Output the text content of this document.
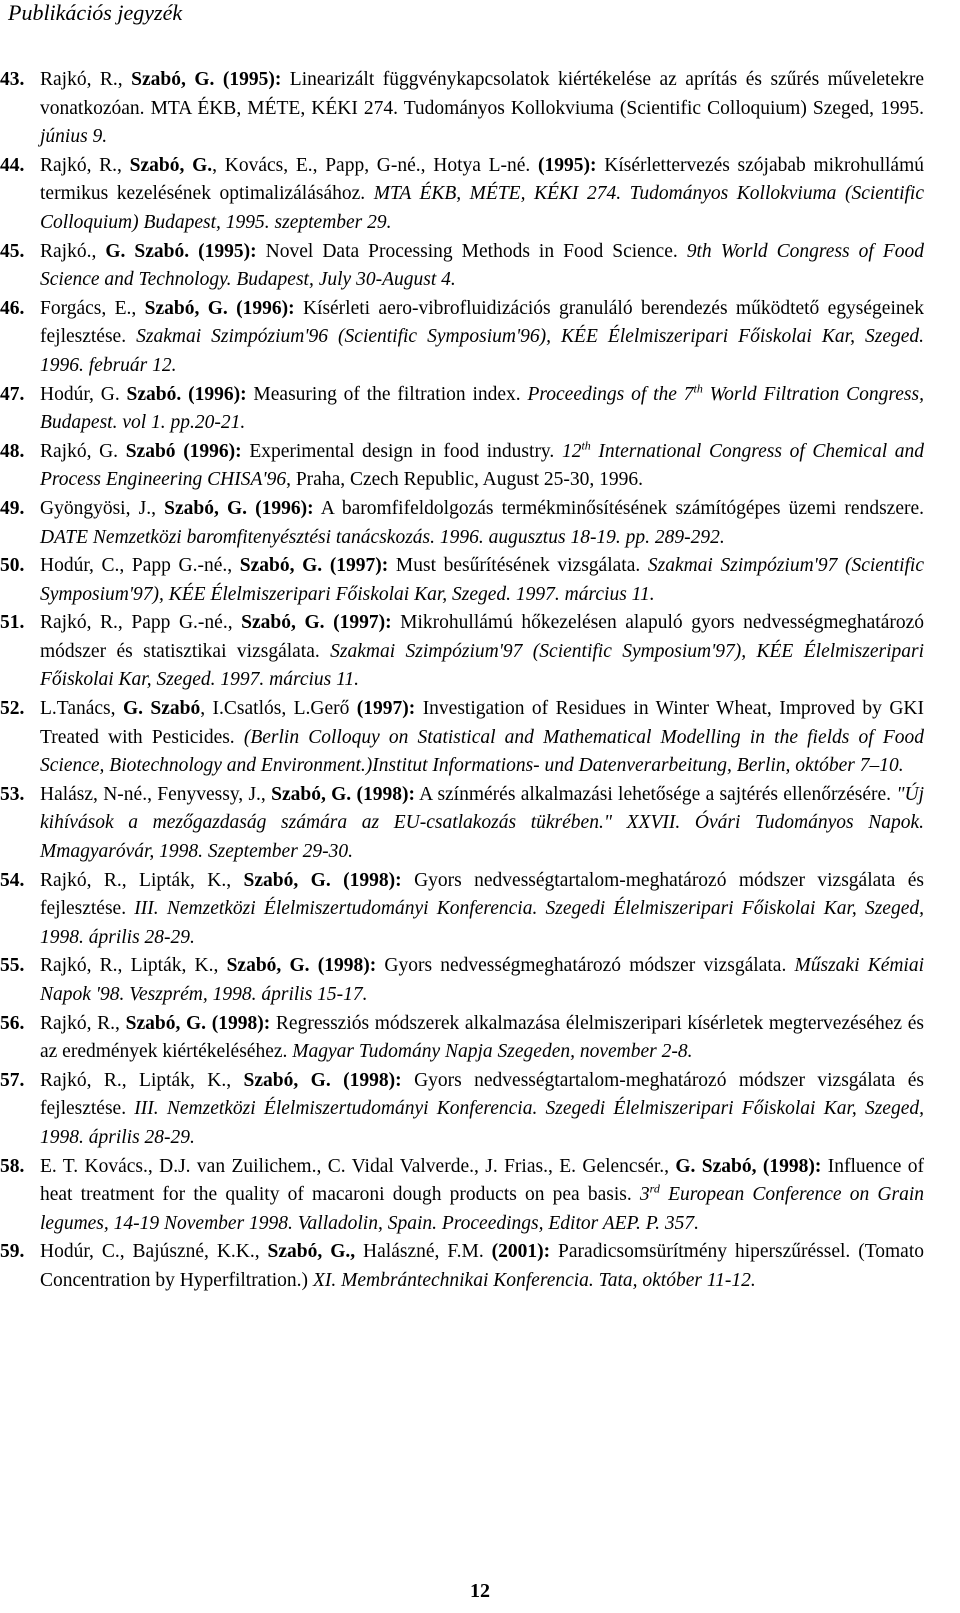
Publikációs jegyzék
43. Rajkó, R., Szabó, G. (1995): Linearizált függvénykapcsolatok kiértékelése az aprítás és szűrés műveletekre vonatkozóan. MTA ÉKB, MÉTE, KÉKI 274. Tudományos Kollokviuma (Scientific Colloquium) Szeged, 1995. június 9.
44. Rajkó, R., Szabó, G., Kovács, E., Papp, G-né., Hotya L-né. (1995): Kísérlettervezés szójabab mikrohullámú termikus kezelésének optimalizálásához. MTA ÉKB, MÉTE, KÉKI 274. Tudományos Kollokviuma (Scientific Colloquium) Budapest, 1995. szeptember 29.
45. Rajkó., G. Szabó. (1995): Novel Data Processing Methods in Food Science. 9th World Congress of Food Science and Technology. Budapest, July 30-August 4.
46. Forgács, E., Szabó, G. (1996): Kísérleti aero-vibrofluidizációs granuláló berendezés működtető egységeinek fejlesztése. Szakmai Szimpózium'96 (Scientific Symposium'96), KÉE Élelmiszeripari Főiskolai Kar, Szeged. 1996. február 12.
47. Hodúr, G. Szabó. (1996): Measuring of the filtration index. Proceedings of the 7th World Filtration Congress, Budapest. vol 1. pp.20-21.
48. Rajkó, G. Szabó (1996): Experimental design in food industry. 12th International Congress of Chemical and Process Engineering CHISA'96, Praha, Czech Republic, August 25-30, 1996.
49. Gyöngyösi, J., Szabó, G. (1996): A baromfifeldolgozás termékminősítésének számítógépes üzemi rendszere. DATE Nemzetközi baromfitenyésztési tanácskozás. 1996. augusztus 18-19. pp. 289-292.
50. Hodúr, C., Papp G.-né., Szabó, G. (1997): Must besűrítésének vizsgálata. Szakmai Szimpózium'97 (Scientific Symposium'97), KÉE Élelmiszeripari Főiskolai Kar, Szeged. 1997. március 11.
51. Rajkó, R., Papp G.-né., Szabó, G. (1997): Mikrohullámú hőkezelésen alapuló gyors nedvességmeghatározó módszer és statisztikai vizsgálata. Szakmai Szimpózium'97 (Scientific Symposium'97), KÉE Élelmiszeripari Főiskolai Kar, Szeged. 1997. március 11.
52. L.Tanács, G. Szabó, I.Csatlós, L.Gerő (1997): Investigation of Residues in Winter Wheat, Improved by GKI Treated with Pesticides. (Berlin Colloquy on Statistical and Mathematical Modelling in the fields of Food Science, Biotechnology and Environment.)Institut Informations- und Datenverarbeitung, Berlin, október 7–10.
53. Halász, N-né., Fenyvessy, J., Szabó, G. (1998): A színmérés alkalmazási lehetősége a sajtérés ellenőrzésére. "Új kihívások a mezőgazdaság számára az EU-csatlakozás tükrében." XXVII. Óvári Tudományos Napok. Mmagyaróvár, 1998. Szeptember 29-30.
54. Rajkó, R., Lipták, K., Szabó, G. (1998): Gyors nedvességtartalom-meghatározó módszer vizsgálata és fejlesztése. III. Nemzetközi Élelmiszertudományi Konferencia. Szegedi Élelmiszeripari Főiskolai Kar, Szeged, 1998. április 28-29.
55. Rajkó, R., Lipták, K., Szabó, G. (1998): Gyors nedvességmeghatározó módszer vizsgálata. Műszaki Kémiai Napok '98. Veszprém, 1998. április 15-17.
56. Rajkó, R., Szabó, G. (1998): Regressziós módszerek alkalmazása élelmiszeripari kísérletek megtervezéséhez és az eredmények kiértékeléséhez. Magyar Tudomány Napja Szegeden, november 2-8.
57. Rajkó, R., Lipták, K., Szabó, G. (1998): Gyors nedvességtartalom-meghatározó módszer vizsgálata és fejlesztése. III. Nemzetközi Élelmiszertudományi Konferencia. Szegedi Élelmiszeripari Főiskolai Kar, Szeged, 1998. április 28-29.
58. E. T. Kovács., D.J. van Zuilichem., C. Vidal Valverde., J. Frias., E. Gelencsér., G. Szabó, (1998): Influence of heat treatment for the quality of macaroni dough products on pea basis. 3rd European Conference on Grain legumes, 14-19 November 1998. Valladolin, Spain. Proceedings, Editor AEP. P. 357.
59. Hodúr, C., Bajúszné, K.K., Szabó, G., Halászné, F.M. (2001): Paradicsomsürítmény hiperszűréssel. (Tomato Concentration by Hyperfiltration.) XI. Membrántechnikai Konferencia. Tata, október 11-12.
12
